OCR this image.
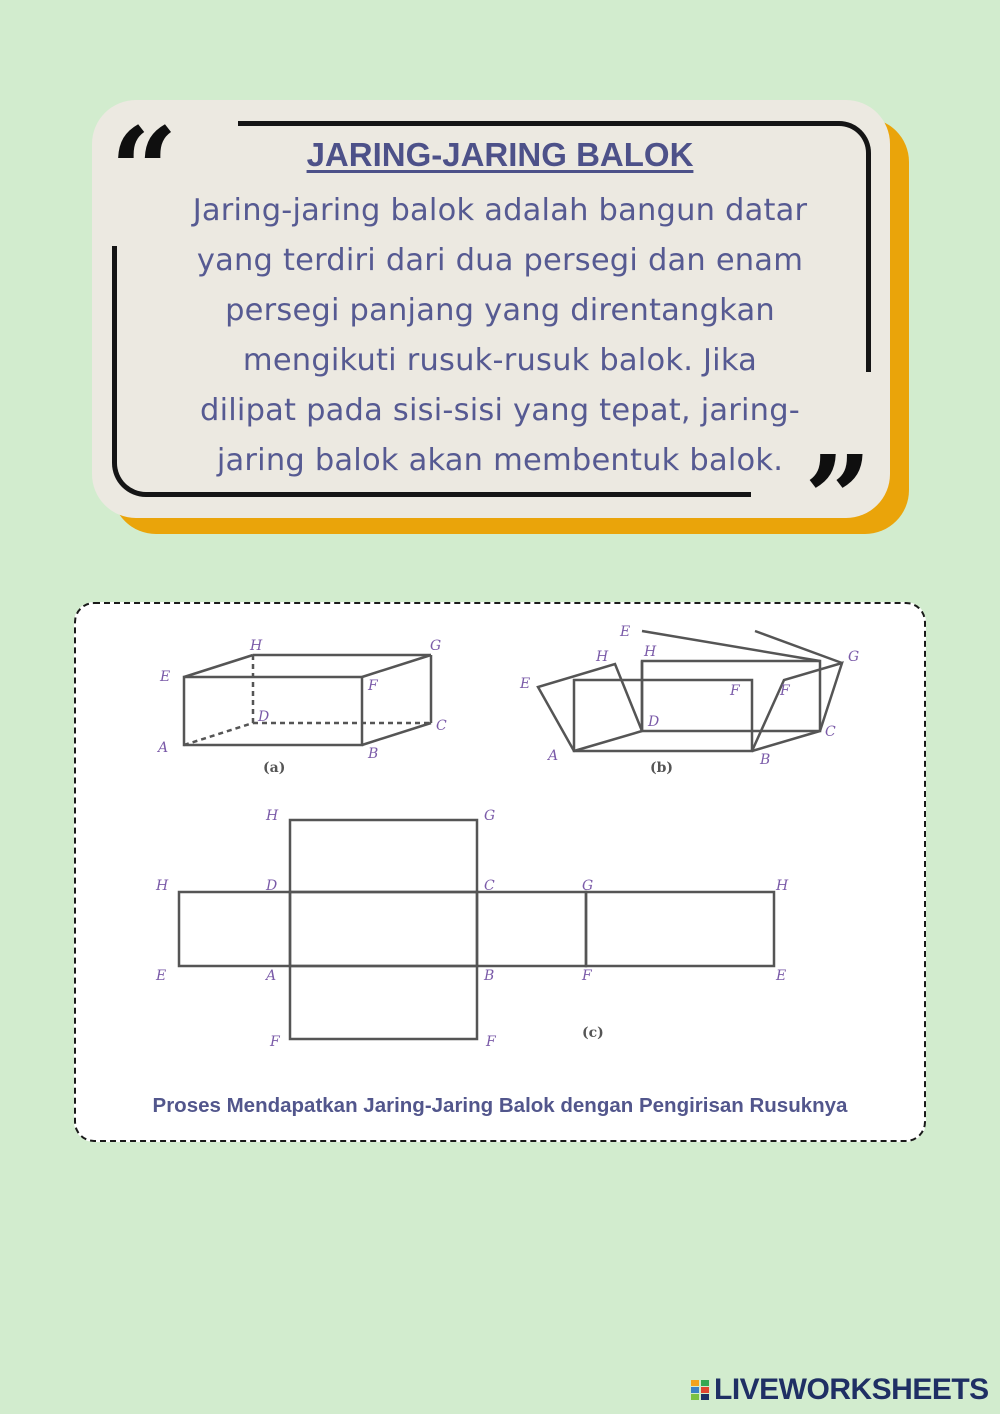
“
”
JARING-JARING BALOK
Jaring-jaring balok adalah bangun datar
yang terdiri dari dua persegi dan enam
persegi panjang yang direntangkan
mengikuti rusuk-rusuk balok. Jika
dilipat pada sisi-sisi yang tepat, jaring-
jaring balok akan membentuk balok.
H	G
E
F
D
C
A	B
(a)
E
H	H	G
E	F	F
D
C
A	B
(b)
H	G
H	D	C	G	H
E	A	B	F	E
F	F
(c)
Proses Mendapatkan Jaring-Jaring Balok dengan Pengirisan Rusuknya
LIVEWORKSHEETS
